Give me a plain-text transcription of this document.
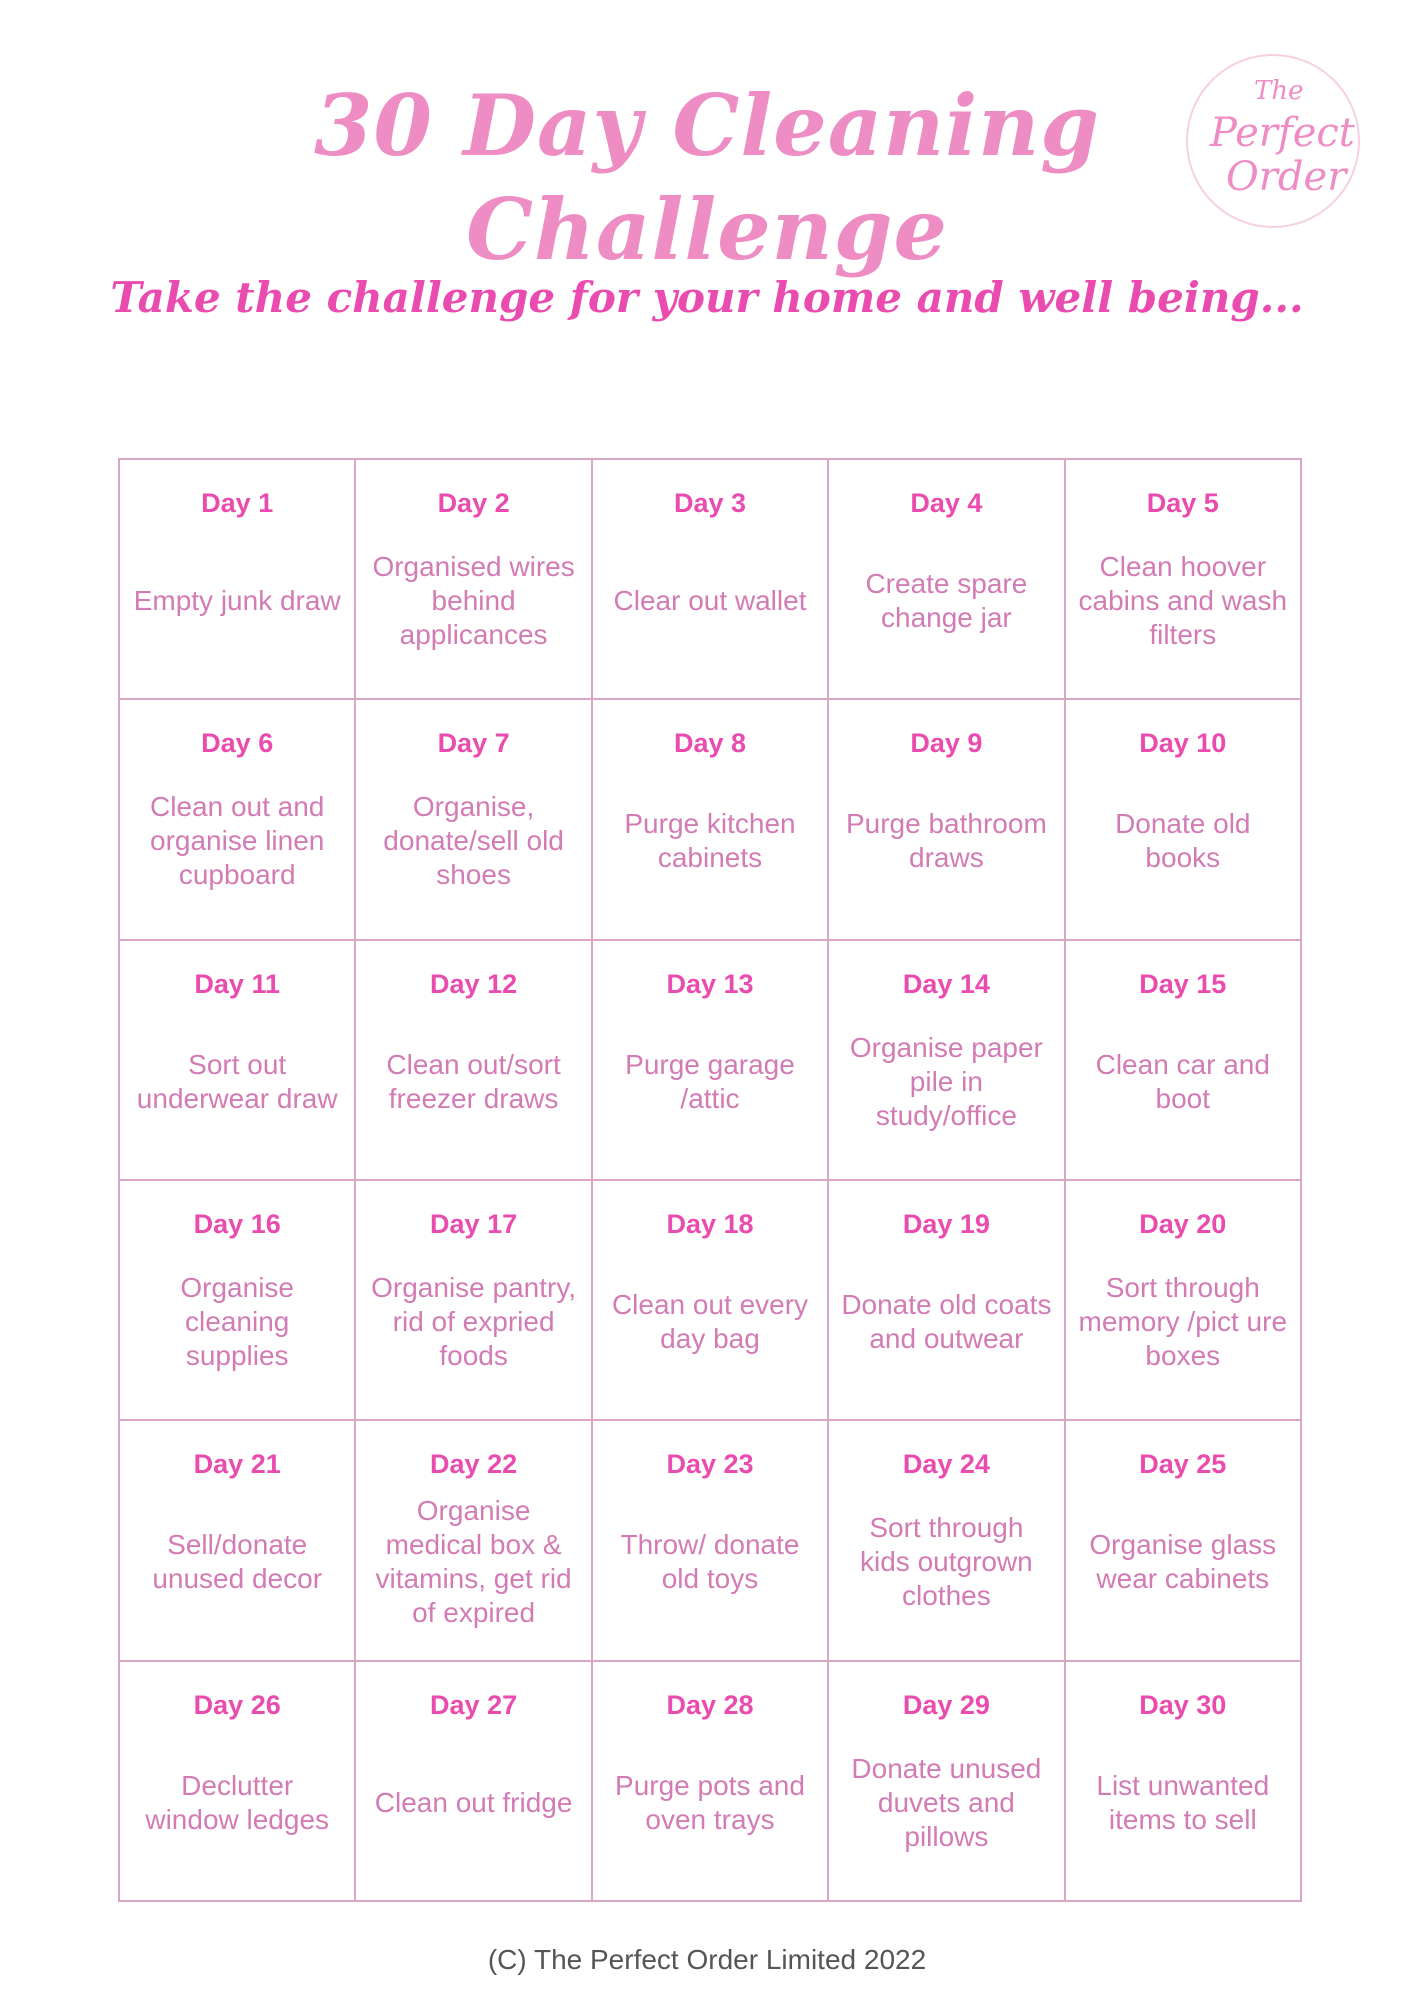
30 Day Cleaning
Challenge

Take the challenge for your home and well being...

The
Perfect
Order
Day 1
Empty junk draw
Day 2
Organised wires behind applicances
Day 3
Clear out wallet
Day 4
Create spare change jar
Day 5
Clean hoover cabins and wash filters
Day 6
Clean out and organise linen cupboard
Day 7
Organise, donate/sell old shoes
Day 8
Purge kitchen cabinets
Day 9
Purge bathroom draws
Day 10
Donate old books
Day 11
Sort out underwear draw
Day 12
Clean out/sort freezer draws
Day 13
Purge garage /attic
Day 14
Organise paper pile in study/office
Day 15
Clean car and boot
Day 16
Organise cleaning supplies
Day 17
Organise pantry, rid of expried foods
Day 18
Clean out every day bag
Day 19
Donate old coats and outwear
Day 20
Sort through memory /pict ure boxes
Day 21
Sell/donate unused decor
Day 22
Organise medical box & vitamins, get rid of expired
Day 23
Throw/ donate old toys
Day 24
Sort through kids outgrown clothes
Day 25
Organise glass wear cabinets
Day 26
Declutter window ledges
Day 27
Clean out fridge
Day 28
Purge pots and oven trays
Day 29
Donate unused duvets and pillows
Day 30
List unwanted items to sell
(C) The Perfect Order Limited 2022
